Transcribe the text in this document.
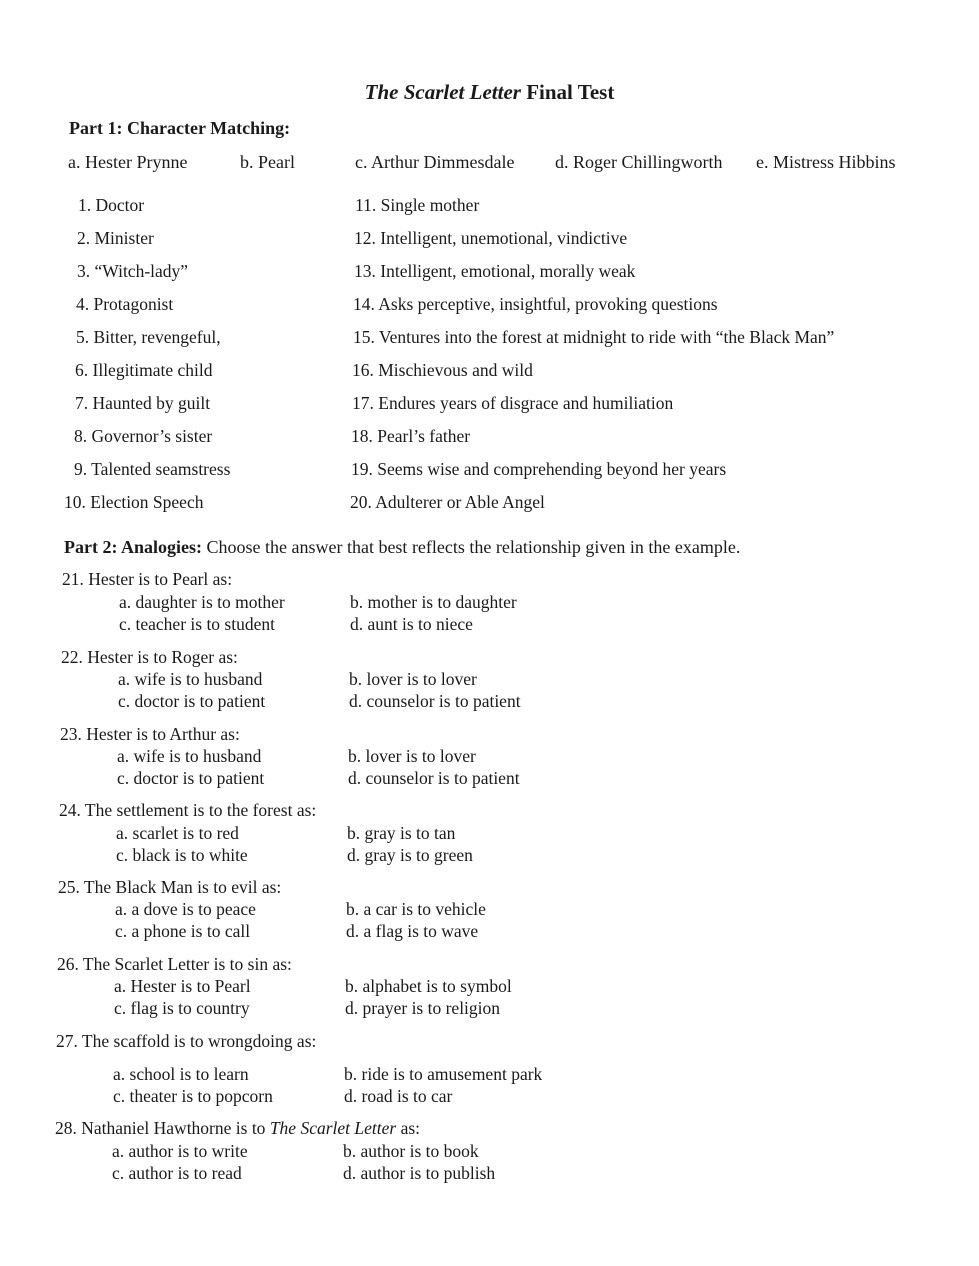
The Scarlet Letter Final Test
Part 1: Character Matching:
a. Hester Prynne	b. Pearl	c. Arthur Dimmesdale d. Roger Chillingworth e. Mistress Hibbins
1. Doctor
2. Minister
3. “Witch-lady”
4. Protagonist
5. Bitter, revengeful,
6. Illegitimate child
7. Haunted by guilt
8. Governor’s sister
9. Talented seamstress
10. Election Speech
11. Single mother
12. Intelligent, unemotional, vindictive
13. Intelligent, emotional, morally weak
14. Asks perceptive, insightful, provoking questions
15. Ventures into the forest at midnight to ride with “the Black Man”
16. Mischievous and wild
17. Endures years of disgrace and humiliation
18. Pearl’s father
19. Seems wise and comprehending beyond her years
20. Adulterer or Able Angel
Part 2: Analogies: Choose the answer that best reflects the relationship given in the example.
21. Hester is to Pearl as:
a. daughter is to mother	b. mother is to daughter
c. teacher is to student	d. aunt is to niece
22. Hester is to Roger as:
a. wife is to husband	b. lover is to lover
c. doctor is to patient	d. counselor is to patient
23. Hester is to Arthur as:
a. wife is to husband	b. lover is to lover
c. doctor is to patient	d. counselor is to patient
24. The settlement is to the forest as:
a. scarlet is to red	b. gray is to tan
c. black is to white	d. gray is to green
25. The Black Man is to evil as:
a. a dove is to peace	b. a car is to vehicle
c. a phone is to call	d. a flag is to wave
26. The Scarlet Letter is to sin as:
a. Hester is to Pearl	b. alphabet is to symbol
c. flag is to country	d. prayer is to religion
27. The scaffold is to wrongdoing as:
a. school is to learn	b. ride is to amusement park
c. theater is to popcorn	d. road is to car
28. Nathaniel Hawthorne is to The Scarlet Letter as:
a. author is to write	b. author is to book
c. author is to read	d. author is to publish
